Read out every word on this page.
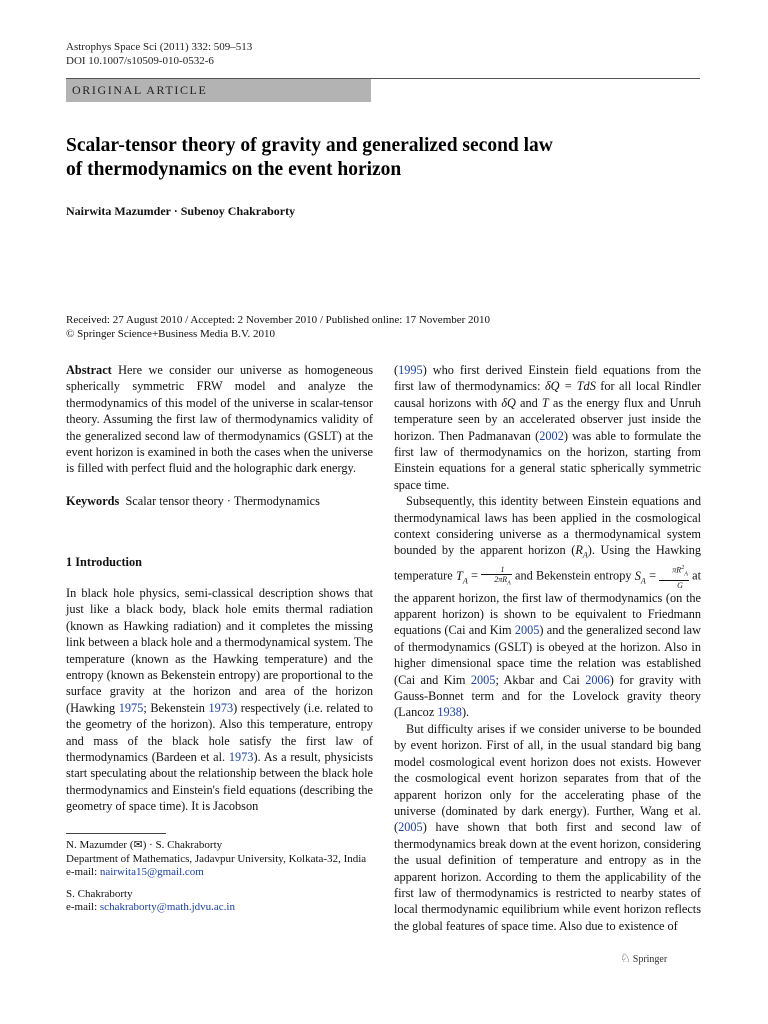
Astrophys Space Sci (2011) 332: 509–513
DOI 10.1007/s10509-010-0532-6
ORIGINAL ARTICLE
Scalar-tensor theory of gravity and generalized second law
of thermodynamics on the event horizon
Nairwita Mazumder · Subenoy Chakraborty
Received: 27 August 2010 / Accepted: 2 November 2010 / Published online: 17 November 2010
© Springer Science+Business Media B.V. 2010

Abstract Here we consider our universe as homogeneous spherically symmetric FRW model and analyze the thermodynamics of this model of the universe in scalar-tensor theory. Assuming the first law of thermodynamics validity of the generalized second law of thermodynamics (GSLT) at the event horizon is examined in both the cases when the universe is filled with perfect fluid and the holographic dark energy.

Keywords Scalar tensor theory · Thermodynamics

1 Introduction

In black hole physics, semi-classical description shows that just like a black body, black hole emits thermal radiation (known as Hawking radiation) and it completes the missing link between a black hole and a thermodynamical system. The temperature (known as the Hawking temperature) and the entropy (known as Bekenstein entropy) are proportional to the surface gravity at the horizon and area of the horizon (Hawking 1975; Bekenstein 1973) respectively (i.e. related to the geometry of the horizon). Also this temperature, entropy and mass of the black hole satisfy the first law of thermodynamics (Bardeen et al. 1973). As a result, physicists start speculating about the relationship between the black hole thermodynamics and Einstein's field equations (describing the geometry of space time). It is Jacobson

N. Mazumder (✉) · S. Chakraborty

Department of Mathematics, Jadavpur University, Kolkata-32, India

e-mail: nairwita15@gmail.com

S. Chakraborty

e-mail: schakraborty@math.jdvu.ac.in

(1995) who first derived Einstein field equations from the first law of thermodynamics: δQ = TdS for all local Rindler causal horizons with δQ and T as the energy flux and Unruh temperature seen by an accelerated observer just inside the horizon. Then Padmanavan (2002) was able to formulate the first law of thermodynamics on the horizon, starting from Einstein equations for a general static spherically symmetric space time.

Subsequently, this identity between Einstein equations and thermodynamical laws has been applied in the cosmological context considering universe as a thermodynamical system bounded by the apparent horizon $(R_A)$. Using the Hawking temperature $T_A = \frac{1}{2\pi R_A}$ and Bekenstein entropy $S_A = \frac{\pi R^2_A}{G}$ at the apparent horizon, the first law of thermodynamics (on the apparent horizon) is shown to be equivalent to Friedmann equations (Cai and Kim 2005) and the generalized second law of thermodynamics (GSLT) is obeyed at the horizon. Also in higher dimensional space time the relation was established (Cai and Kim 2005; Akbar and Cai 2006) for gravity with Gauss-Bonnet term and for the Lovelock gravity theory (Lancoz 1938).

But difficulty arises if we consider universe to be bounded by event horizon. First of all, in the usual standard big bang model cosmological event horizon does not exists. However the cosmological event horizon separates from that of the apparent horizon only for the accelerating phase of the universe (dominated by dark energy). Further, Wang et al. (2005) have shown that both first and second law of thermodynamics break down at the event horizon, considering the usual definition of temperature and entropy as in the apparent horizon. According to them the applicability of the first law of thermodynamics is restricted to nearby states of local thermodynamic equilibrium while event horizon reflects the global features of space time. Also due to existence of

♘ Springer
